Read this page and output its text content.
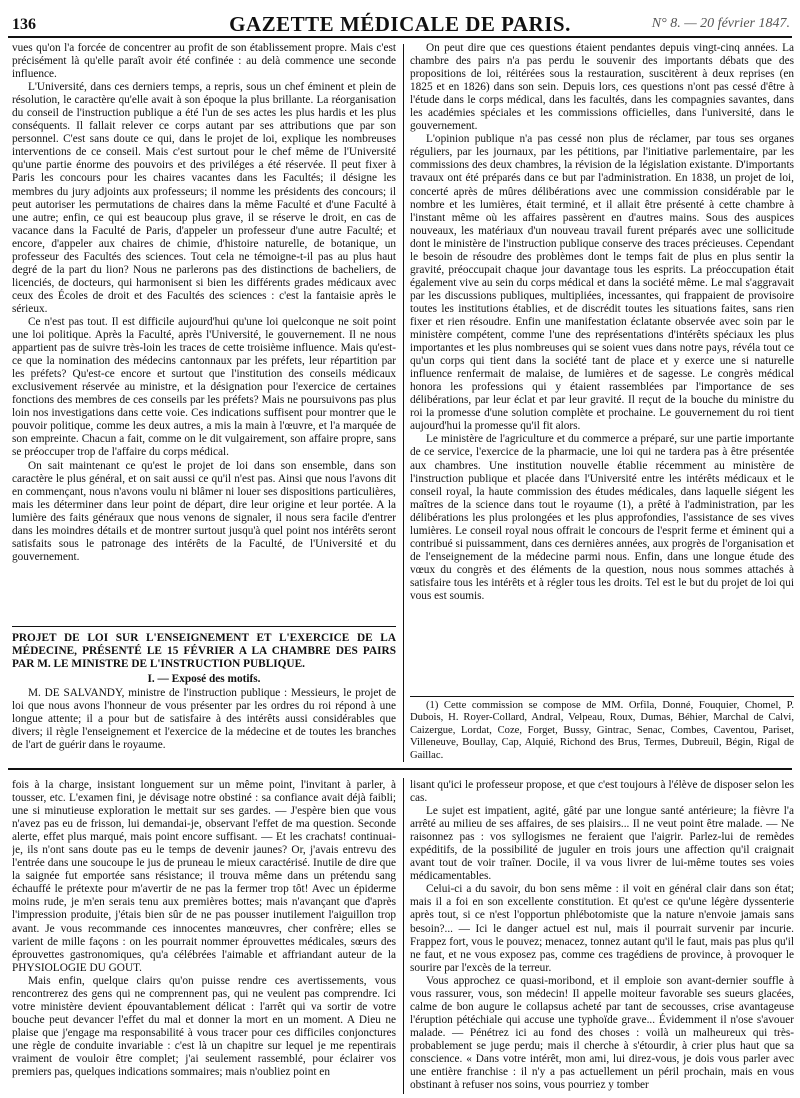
136	GAZETTE MÉDICALE DE PARIS.	N° 8. — 20 février 1847.

vues qu'on l'a forcée de concentrer au profit de son établissement propre. Mais c'est précisément là qu'elle paraît avoir été confinée : au delà commence une seconde influence.

L'Université, dans ces derniers temps, a repris, sous un chef éminent et plein de résolution, le caractère qu'elle avait à son époque la plus brillante. La réorganisation du conseil de l'instruction publique a été l'un de ses actes les plus hardis et les plus conséquents. Il fallait relever ce corps autant par ses attributions que par son personnel. C'est sans doute ce qui, dans le projet de loi, explique les nombreuses interventions de ce conseil. Mais c'est surtout pour le chef même de l'Université qu'une partie énorme des pouvoirs et des priviléges a été réservée. Il peut fixer à Paris les concours pour les chaires vacantes dans les Facultés; il désigne les membres du jury adjoints aux professeurs; il nomme les présidents des concours; il peut autoriser les permutations de chaires dans la même Faculté et d'une Faculté à une autre; enfin, ce qui est beaucoup plus grave, il se réserve le droit, en cas de vacance dans la Faculté de Paris, d'appeler un professeur d'une autre Faculté; et encore, d'appeler aux chaires de chimie, d'histoire naturelle, de botanique, un professeur des Facultés des sciences. Tout cela ne témoigne-t-il pas au plus haut degré de la part du lion? Nous ne parlerons pas des distinctions de bacheliers, de licenciés, de docteurs, qui harmonisent si bien les différents grades médicaux avec ceux des Écoles de droit et des Facultés des sciences : c'est la fantaisie après le sérieux.

Ce n'est pas tout. Il est difficile aujourd'hui qu'une loi quelconque ne soit point une loi politique. Après la Faculté, après l'Université, le gouvernement. Il ne nous appartient pas de suivre très-loin les traces de cette troisième influence. Mais qu'est-ce que la nomination des médecins cantonnaux par les préfets, leur répartition par les préfets? Qu'est-ce encore et surtout que l'institution des conseils médicaux exclusivement réservée au ministre, et la désignation pour l'exercice de certaines fonctions des membres de ces conseils par les préfets? Mais ne poursuivons pas plus loin nos investigations dans cette voie. Ces indications suffisent pour montrer que le pouvoir politique, comme les deux autres, a mis la main à l'œuvre, et l'a marquée de son empreinte. Chacun a fait, comme on le dit vulgairement, son affaire propre, sans se préoccuper trop de l'affaire du corps médical.

On sait maintenant ce qu'est le projet de loi dans son ensemble, dans son caractère le plus général, et on sait aussi ce qu'il n'est pas. Ainsi que nous l'avons dit en commençant, nous n'avons voulu ni blâmer ni louer ses dispositions particulières, mais les déterminer dans leur point de départ, dire leur origine et leur portée. A la lumière des faits généraux que nous venons de signaler, il nous sera facile d'entrer dans les moindres détails et de montrer surtout jusqu'à quel point nos intérêts seront satisfaits sous le patronage des intérêts de la Faculté, de l'Université et du gouvernement.

PROJET DE LOI SUR L'ENSEIGNEMENT ET L'EXERCICE DE LA MÉDECINE, PRÉSENTÉ LE 15 FÉVRIER A LA CHAMBRE DES PAIRS PAR M. LE MINISTRE DE L'INSTRUCTION PUBLIQUE.

I. — Exposé des motifs.

M. DE SALVANDY, ministre de l'instruction publique : Messieurs, le projet de loi que nous avons l'honneur de vous présenter par les ordres du roi répond à une longue attente; il a pour but de satisfaire à des intérêts aussi considérables que divers; il règle l'enseignement et l'exercice de la médecine et de toutes les branches de l'art de guérir dans le royaume.

On peut dire que ces questions étaient pendantes depuis vingt-cinq années. La chambre des pairs n'a pas perdu le souvenir des importants débats que des propositions de loi, réitérées sous la restauration, suscitèrent à deux reprises (en 1825 et en 1826) dans son sein. Depuis lors, ces questions n'ont pas cessé d'être à l'étude dans le corps médical, dans les facultés, dans les compagnies savantes, dans les académies spéciales et les commissions officielles, dans l'université, dans le gouvernement.

L'opinion publique n'a pas cessé non plus de réclamer, par tous ses organes réguliers, par les journaux, par les pétitions, par l'initiative parlementaire, par les commissions des deux chambres, la révision de la législation existante. D'importants travaux ont été préparés dans ce but par l'administration. En 1838, un projet de loi, concerté après de mûres délibérations avec une commission considérable par le nombre et les lumières, était terminé, et il allait être présenté à cette chambre à l'instant même où les affaires passèrent en d'autres mains. Sous des auspices nouveaux, les matériaux d'un nouveau travail furent préparés avec une sollicitude dont le ministère de l'instruction publique conserve des traces précieuses. Cependant le besoin de résoudre des problèmes dont le temps fait de plus en plus sentir la gravité, préoccupait chaque jour davantage tous les esprits. La préoccupation était également vive au sein du corps médical et dans la société même. Le mal s'aggravait par les discussions publiques, multipliées, incessantes, qui frappaient de provisoire toutes les institutions établies, et de discrédit toutes les situations faites, sans rien fixer et rien résoudre. Enfin une manifestation éclatante observée avec soin par le ministère compétent, comme l'une des représentations d'intérêts spéciaux les plus importantes et les plus nombreuses qui se soient vues dans notre pays, révéla tout ce qu'un corps qui tient dans la société tant de place et y exerce une si naturelle influence renfermait de malaise, de lumières et de sagesse. Le congrès médical honora les professions qui y étaient rassemblées par l'importance de ses délibérations, par leur éclat et par leur gravité. Il reçut de la bouche du ministre du roi la promesse d'une solution complète et prochaine. Le gouvernement du roi tient aujourd'hui la promesse qu'il fit alors.

Le ministère de l'agriculture et du commerce a préparé, sur une partie importante de ce service, l'exercice de la pharmacie, une loi qui ne tardera pas à être présentée aux chambres. Une institution nouvelle établie récemment au ministère de l'instruction publique et placée dans l'Université entre les intérêts médicaux et le conseil royal, la haute commission des études médicales, dans laquelle siégent les maîtres de la science dans tout le royaume (1), a prêté à l'administration, par les délibérations les plus prolongées et les plus approfondies, l'assistance de ses vives lumières. Le conseil royal nous offrait le concours de l'esprit ferme et éminent qui a contribué si puissamment, dans ces dernières années, aux progrès de l'organisation et de l'enseignement de la médecine parmi nous. Enfin, dans une longue étude des vœux du congrès et des éléments de la question, nous nous sommes attachés à satisfaire tous les intérêts et à régler tous les droits. Tel est le but du projet de loi qui vous est soumis.

(1) Cette commission se compose de MM. Orfila, Donné, Fouquier, Chomel, P. Dubois, H. Royer-Collard, Andral, Velpeau, Roux, Dumas, Béhier, Marchal de Calvi, Caizergue, Lordat, Coze, Forget, Bussy, Gintrac, Senac, Combes, Caventou, Pariset, Villeneuve, Boullay, Cap, Alquié, Richond des Brus, Termes, Dubreuil, Bégin, Rigal de Gaillac.

fois à la charge, insistant longuement sur un même point, l'invitant à parler, à tousser, etc. L'examen fini, je dévisage notre obstiné : sa confiance avait déjà faibli; une si minutieuse exploration le mettait sur ses gardes. — J'espère bien que vous n'avez pas eu de frisson, lui demandai-je, observant l'effet de ma question. Seconde alerte, effet plus marqué, mais point encore suffisant. — Et les crachats! continuai-je, ils n'ont sans doute pas eu le temps de devenir jaunes? Or, j'avais entrevu des l'entrée dans une soucoupe le jus de pruneau le mieux caractérisé. Inutile de dire que la saignée fut emportée sans résistance; il trouva même dans un prétendu sang échauffé le prétexte pour m'avertir de ne pas la fermer trop tôt! Avec un épiderme moins rude, je m'en serais tenu aux premières bottes; mais n'avançant que d'après l'impression produite, j'étais bien sûr de ne pas pousser inutilement l'aiguillon trop avant. Je vous recommande ces innocentes manœuvres, cher confrère; elles se varient de mille façons : on les pourrait nommer éprouvettes médicales, sœurs des éprouvettes gastronomiques, qu'a célébrées l'aimable et affriandant auteur de la PHYSIOLOGIE DU GOUT.

Mais enfin, quelque clairs qu'on puisse rendre ces avertissements, vous rencontrerez des gens qui ne comprennent pas, qui ne veulent pas comprendre. Ici votre ministère devient épouvantablement délicat : l'arrêt qui va sortir de votre bouche peut devancer l'effet du mal et donner la mort en un moment. A Dieu ne plaise que j'engage ma responsabilité à vous tracer pour ces difficiles conjonctures une règle de conduite invariable : c'est là un chapitre sur lequel je me repentirais vraiment de vouloir être complet; j'ai seulement rassemblé, pour éclairer vos premiers pas, quelques indications sommaires; mais n'oubliez point en

lisant qu'ici le professeur propose, et que c'est toujours à l'élève de disposer selon les cas.

Le sujet est impatient, agité, gâté par une longue santé antérieure; la fièvre l'a arrêté au milieu de ses affaires, de ses plaisirs... Il ne veut point être malade. — Ne raisonnez pas : vos syllogismes ne feraient que l'aigrir. Parlez-lui de remèdes expéditifs, de la possibilité de juguler en trois jours une affection qu'il craignait avant tout de voir traîner. Docile, il va vous livrer de lui-même toutes ses voies médicamentables.

Celui-ci a du savoir, du bon sens même : il voit en général clair dans son état; mais il a foi en son excellente constitution. Et qu'est ce qu'une légère dyssenterie après tout, si ce n'est l'opportun phlébotomiste que la nature n'envoie jamais sans besoin?... — Ici le danger actuel est nul, mais il pourrait survenir par incurie. Frappez fort, vous le pouvez; menacez, tonnez autant qu'il le faut, mais pas plus qu'il ne faut, et ne vous exposez pas, comme ces tragédiens de province, à provoquer le sourire par l'excès de la terreur.

Vous approchez ce quasi-moribond, et il emploie son avant-dernier souffle à vous rassurer, vous, son médecin! Il appelle moiteur favorable ses sueurs glacées, calme de bon augure le collapsus acheté par tant de secousses, crise avantageuse l'éruption pétéchiale qui accuse une typhoïde grave... Évidemment il n'ose s'avouer malade. — Pénétrez ici au fond des choses : voilà un malheureux qui très-probablement se juge perdu; mais il cherche à s'étourdir, à crier plus haut que sa conscience. « Dans votre intérêt, mon ami, lui direz-vous, je dois vous parler avec une entière franchise : il n'y a pas actuellement un péril prochain, mais en vous obstinant à refuser nos soins, vous pourriez y tomber
